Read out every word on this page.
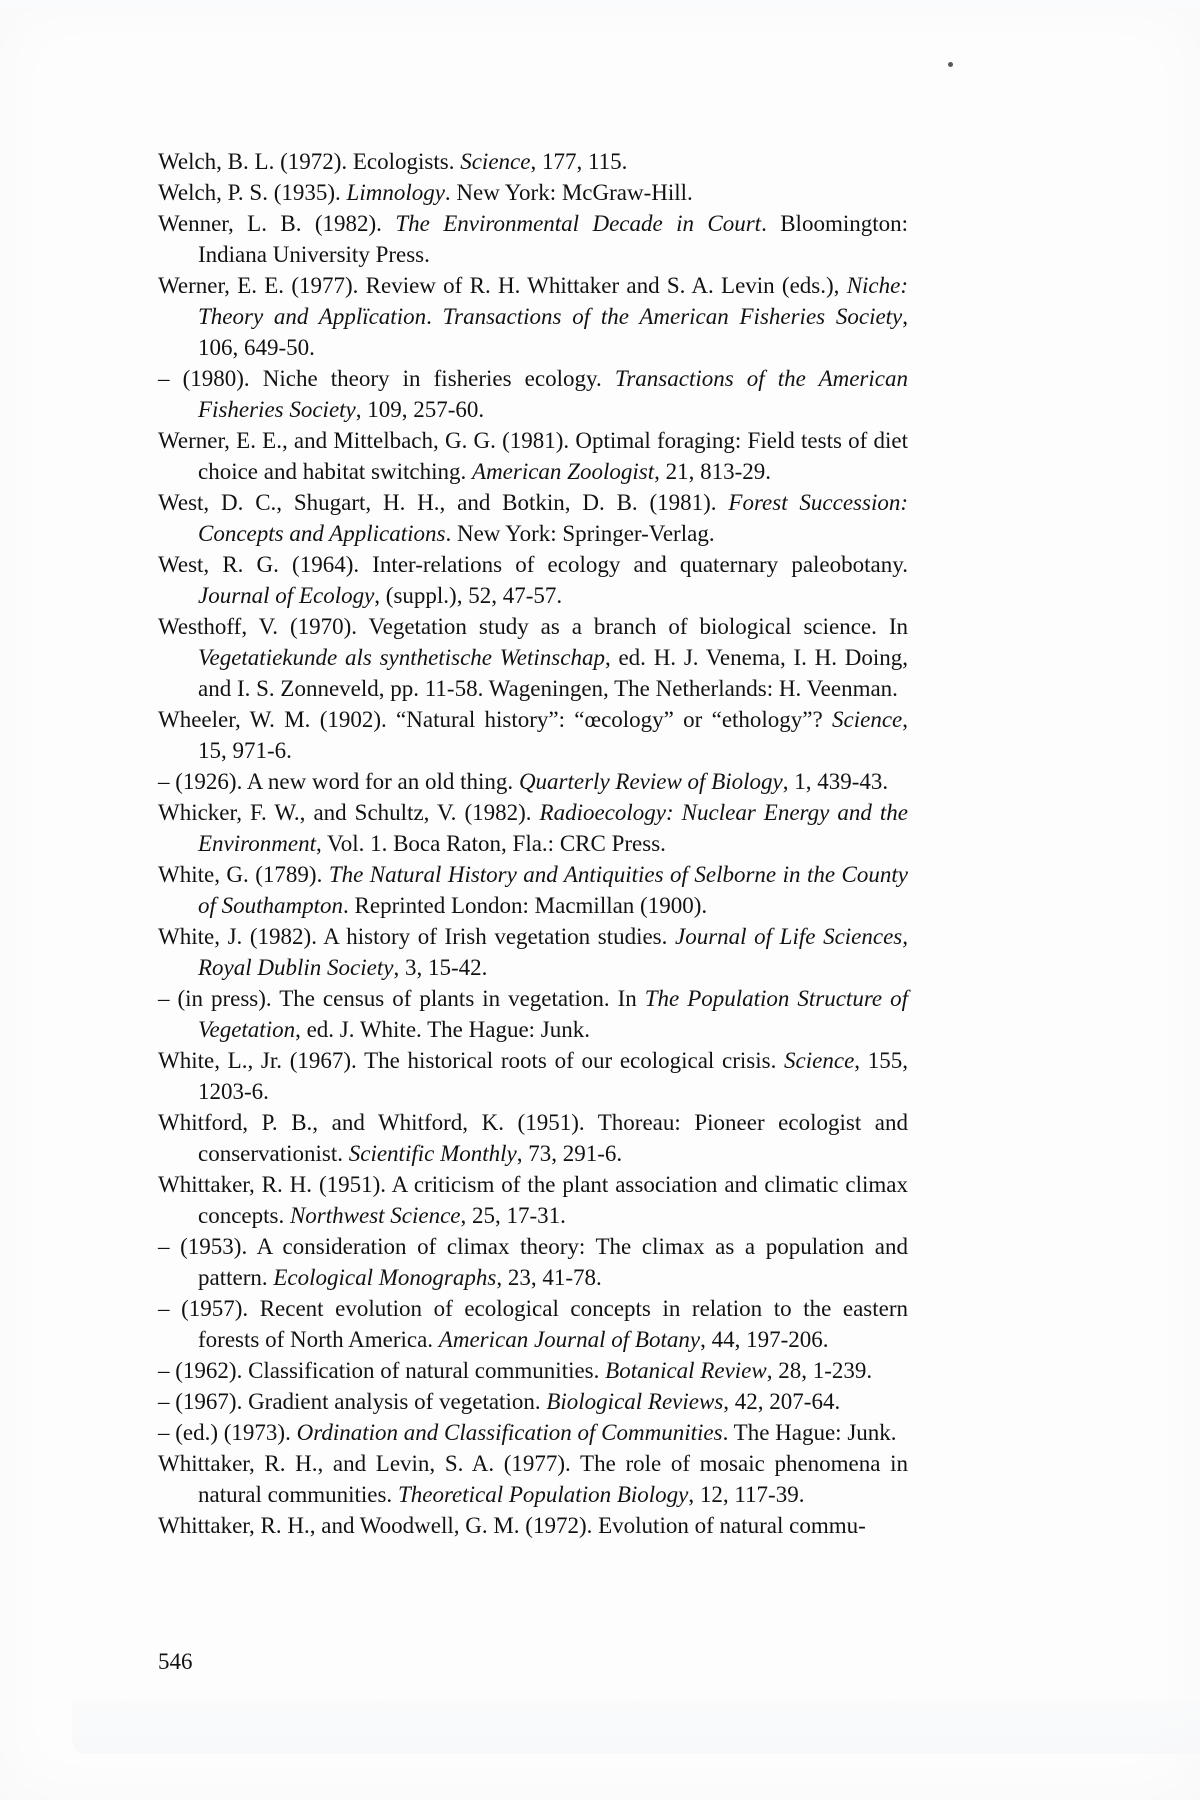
Welch, B. L. (1972). Ecologists. Science, 177, 115.

Welch, P. S. (1935). Limnology. New York: McGraw-Hill.

Wenner, L. B. (1982). The Environmental Decade in Court. Bloomington: Indiana University Press.

Werner, E. E. (1977). Review of R. H. Whittaker and S. A. Levin (eds.), Niche: Theory and Applïcation. Transactions of the American Fisheries Society, 106, 649-50.

– (1980). Niche theory in fisheries ecology. Transactions of the American Fisheries Society, 109, 257-60.

Werner, E. E., and Mittelbach, G. G. (1981). Optimal foraging: Field tests of diet choice and habitat switching. American Zoologist, 21, 813-29.

West, D. C., Shugart, H. H., and Botkin, D. B. (1981). Forest Succession: Concepts and Applications. New York: Springer-Verlag.

West, R. G. (1964). Inter-relations of ecology and quaternary paleobotany. Journal of Ecology, (suppl.), 52, 47-57.

Westhoff, V. (1970). Vegetation study as a branch of biological science. In Vegetatiekunde als synthetische Wetinschap, ed. H. J. Venema, I. H. Doing, and I. S. Zonneveld, pp. 11-58. Wageningen, The Netherlands: H. Veenman.

Wheeler, W. M. (1902). “Natural history”: “œcology” or “ethology”? Science, 15, 971-6.

– (1926). A new word for an old thing. Quarterly Review of Biology, 1, 439-43.

Whicker, F. W., and Schultz, V. (1982). Radioecology: Nuclear Energy and the Environment, Vol. 1. Boca Raton, Fla.: CRC Press.

White, G. (1789). The Natural History and Antiquities of Selborne in the County of Southampton. Reprinted London: Macmillan (1900).

White, J. (1982). A history of Irish vegetation studies. Journal of Life Sciences, Royal Dublin Society, 3, 15-42.

– (in press). The census of plants in vegetation. In The Population Structure of Vegetation, ed. J. White. The Hague: Junk.

White, L., Jr. (1967). The historical roots of our ecological crisis. Science, 155, 1203-6.

Whitford, P. B., and Whitford, K. (1951). Thoreau: Pioneer ecologist and conservationist. Scientific Monthly, 73, 291-6.

Whittaker, R. H. (1951). A criticism of the plant association and climatic climax concepts. Northwest Science, 25, 17-31.

– (1953). A consideration of climax theory: The climax as a population and pattern. Ecological Monographs, 23, 41-78.

– (1957). Recent evolution of ecological concepts in relation to the eastern forests of North America. American Journal of Botany, 44, 197-206.

– (1962). Classification of natural communities. Botanical Review, 28, 1-239.

– (1967). Gradient analysis of vegetation. Biological Reviews, 42, 207-64.

– (ed.) (1973). Ordination and Classification of Communities. The Hague: Junk.

Whittaker, R. H., and Levin, S. A. (1977). The role of mosaic phenomena in natural communities. Theoretical Population Biology, 12, 117-39.

Whittaker, R. H., and Woodwell, G. M. (1972). Evolution of natural commu-

546
